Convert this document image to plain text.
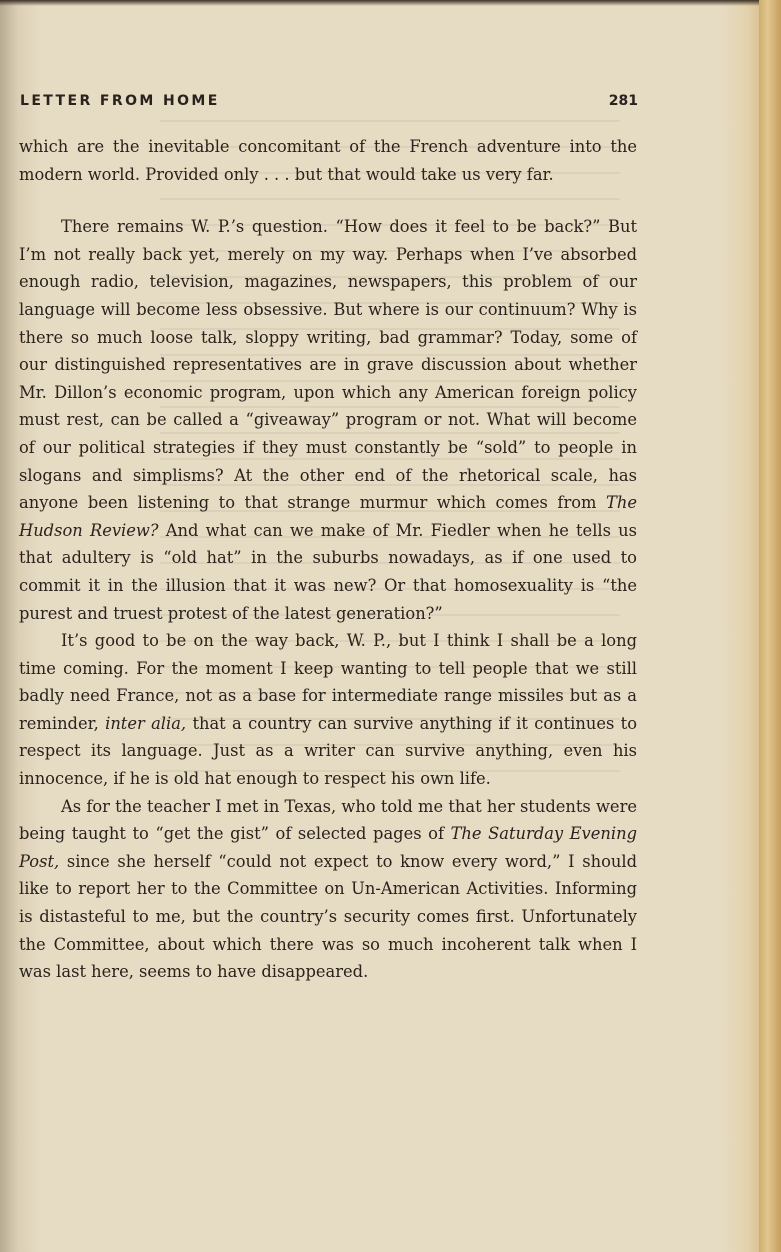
LETTER FROM HOME	281

which are the inevitable concomitant of the French adventure into the modern world. Provided only . . . but that would take us very far.

There remains W. P.’s question. “How does it feel to be back?” But I’m not really back yet, merely on my way. Perhaps when I’ve absorbed enough radio, television, magazines, newspapers, this problem of our language will become less obsessive. But where is our continuum? Why is there so much loose talk, sloppy writing, bad grammar? Today, some of our distinguished representatives are in grave discussion about whether Mr. Dillon’s economic program, upon which any American foreign policy must rest, can be called a “giveaway” program or not. What will become of our political strategies if they must constantly be “sold” to people in slogans and simplisms? At the other end of the rhetorical scale, has anyone been listening to that strange murmur which comes from The Hudson Review? And what can we make of Mr. Fiedler when he tells us that adultery is “old hat” in the suburbs nowadays, as if one used to commit it in the illusion that it was new? Or that homosexuality is “the purest and truest protest of the latest generation?”

It’s good to be on the way back, W. P., but I think I shall be a long time coming. For the moment I keep wanting to tell people that we still badly need France, not as a base for intermediate range missiles but as a reminder, inter alia, that a country can survive anything if it continues to respect its language. Just as a writer can survive anything, even his innocence, if he is old hat enough to respect his own life.

As for the teacher I met in Texas, who told me that her students were being taught to “get the gist” of selected pages of The Saturday Evening Post, since she herself “could not expect to know every word,” I should like to report her to the Committee on Un-American Activities. Informing is distasteful to me, but the country’s security comes first. Unfortunately the Committee, about which there was so much incoherent talk when I was last here, seems to have disappeared.
